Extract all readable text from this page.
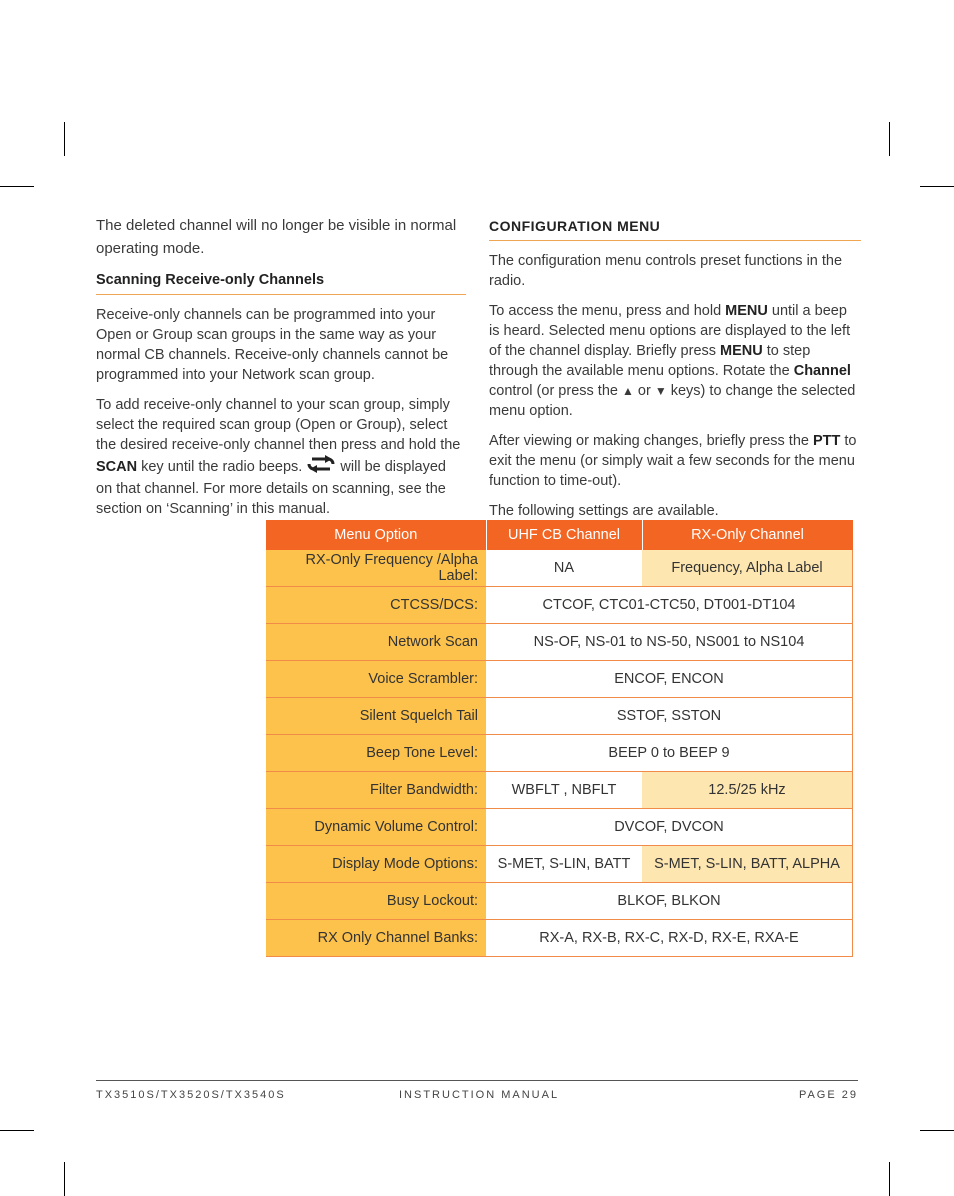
The deleted channel will no longer be visible in normal operating mode.

Scanning Receive-only Channels

Receive-only channels can be programmed into your Open or Group scan groups in the same way as your normal CB channels. Receive-only channels cannot be programmed into your Network scan group.

To add receive-only channel to your scan group, simply select the required scan group (Open or Group), select the desired receive-only channel then press and hold the SCAN key until the radio beeps.  will be displayed on that channel. For more details on scanning, see the section on ‘Scanning’ in this manual.

CONFIGURATION MENU

The configuration menu controls preset functions in the radio.

To access the menu, press and hold MENU until a beep is heard. Selected menu options are displayed to the left of the channel display. Briefly press MENU to step through the available menu options. Rotate the Channel control (or press the ▲ or ▼ keys) to change the selected menu option.

After viewing or making changes, briefly press the PTT to exit the menu (or simply wait a few seconds for the menu function to time-out).

The following settings are available.

Menu Option	UHF CB Channel	RX-Only Channel
RX-Only Frequency /Alpha Label:	NA	Frequency, Alpha Label
CTCSS/DCS:	CTCOF, CTC01-CTC50, DT001-DT104	
Network Scan	NS-OF, NS-01 to NS-50, NS001 to NS104	
Voice Scrambler:	ENCOF, ENCON	
Silent Squelch Tail	SSTOF, SSTON	
Beep Tone Level:	BEEP 0 to BEEP 9	
Filter Bandwidth:	WBFLT , NBFLT	12.5/25 kHz
Dynamic Volume Control:	DVCOF, DVCON	
Display Mode Options:	S-MET, S-LIN, BATT	S-MET, S-LIN, BATT, ALPHA
Busy Lockout:	BLKOF, BLKON	
RX Only Channel Banks:	RX-A, RX-B, RX-C, RX-D, RX-E, RXA-E	
TX3510S/TX3520S/TX3540S	INSTRUCTION MANUAL	PAGE 29
